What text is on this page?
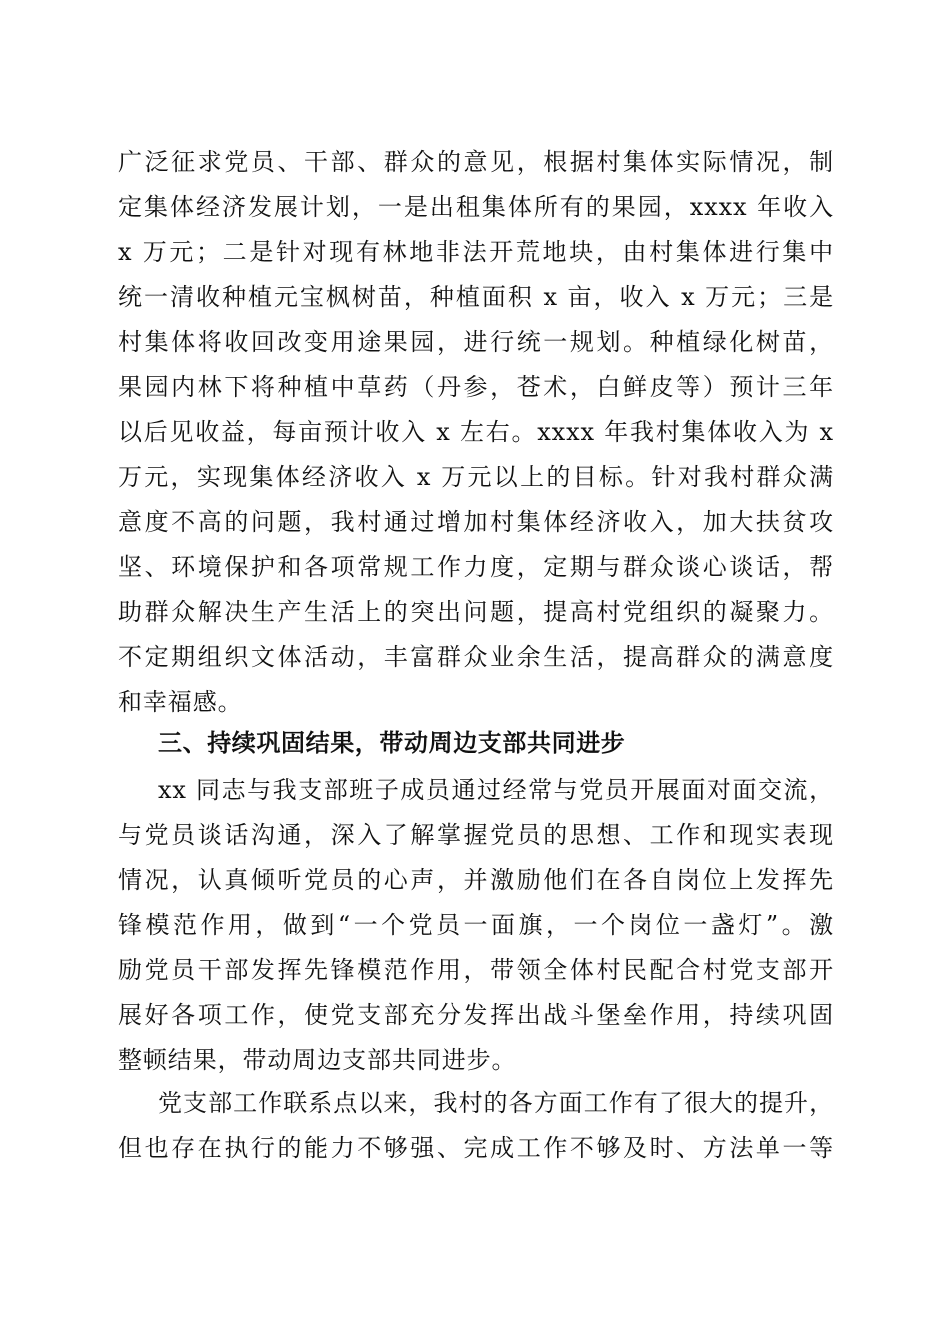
广泛征求党员、干部、群众的意见，根据村集体实际情况，制
定集体经济发展计划，一是出租集体所有的果园，xxxx 年收入
x 万元；二是针对现有林地非法开荒地块，由村集体进行集中
统一清收种植元宝枫树苗，种植面积 x 亩，收入 x 万元；三是
村集体将收回改变用途果园，进行统一规划。种植绿化树苗，
果园内林下将种植中草药（丹参，苍术，白鲜皮等）预计三年
以后见收益，每亩预计收入 x 左右。xxxx 年我村集体收入为 x
万元，实现集体经济收入 x 万元以上的目标。针对我村群众满
意度不高的问题，我村通过增加村集体经济收入，加大扶贫攻
坚、环境保护和各项常规工作力度，定期与群众谈心谈话，帮
助群众解决生产生活上的突出问题，提高村党组织的凝聚力。
不定期组织文体活动，丰富群众业余生活，提高群众的满意度
和幸福感。
三、持续巩固结果，带动周边支部共同进步
xx 同志与我支部班子成员通过经常与党员开展面对面交流，
与党员谈话沟通，深入了解掌握党员的思想、工作和现实表现
情况，认真倾听党员的心声，并激励他们在各自岗位上发挥先
锋模范作用，做到“一个党员一面旗，一个岗位一盏灯”。激
励党员干部发挥先锋模范作用，带领全体村民配合村党支部开
展好各项工作，使党支部充分发挥出战斗堡垒作用，持续巩固
整顿结果，带动周边支部共同进步。
党支部工作联系点以来，我村的各方面工作有了很大的提升，
但也存在执行的能力不够强、完成工作不够及时、方法单一等
